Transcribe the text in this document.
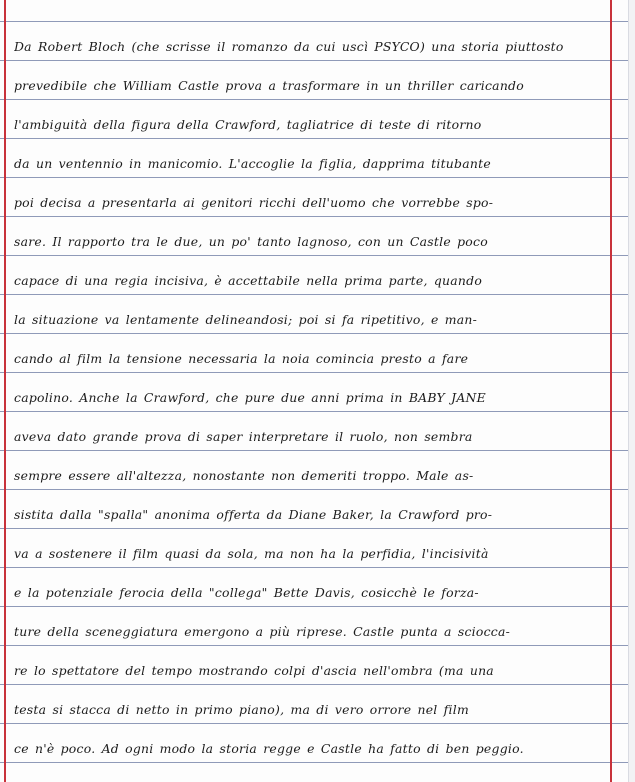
Da Robert Bloch (che scrisse il romanzo da cui uscì PSYCO) una storia piuttosto
prevedibile che William Castle prova a trasformare in un thriller caricando
l'ambiguità della figura della Crawford, tagliatrice di teste di ritorno
da un ventennio in manicomio. L'accoglie la figlia, dapprima titubante
poi decisa a presentarla ai genitori ricchi dell'uomo che vorrebbe spo-
sare. Il rapporto tra le due, un po' tanto lagnoso, con un Castle poco
capace di una regia incisiva, è accettabile nella prima parte, quando
la situazione va lentamente delineandosi; poi si fa ripetitivo, e man-
cando al film la tensione necessaria la noia comincia presto a fare
capolino. Anche la Crawford, che pure due anni prima in BABY JANE
aveva dato grande prova di saper interpretare il ruolo, non sembra
sempre essere all'altezza, nonostante non demeriti troppo. Male as-
sistita dalla "spalla" anonima offerta da Diane Baker, la Crawford pro-
va a sostenere il film quasi da sola, ma non ha la perfidia, l'incisività
e la potenziale ferocia della "collega" Bette Davis, cosicchè le forza-
ture della sceneggiatura emergono a più riprese. Castle punta a sciocca-
re lo spettatore del tempo mostrando colpi d'ascia nell'ombra (ma una
testa si stacca di netto in primo piano), ma di vero orrore nel film
ce n'è poco. Ad ogni modo la storia regge e Castle ha fatto di ben peggio.
